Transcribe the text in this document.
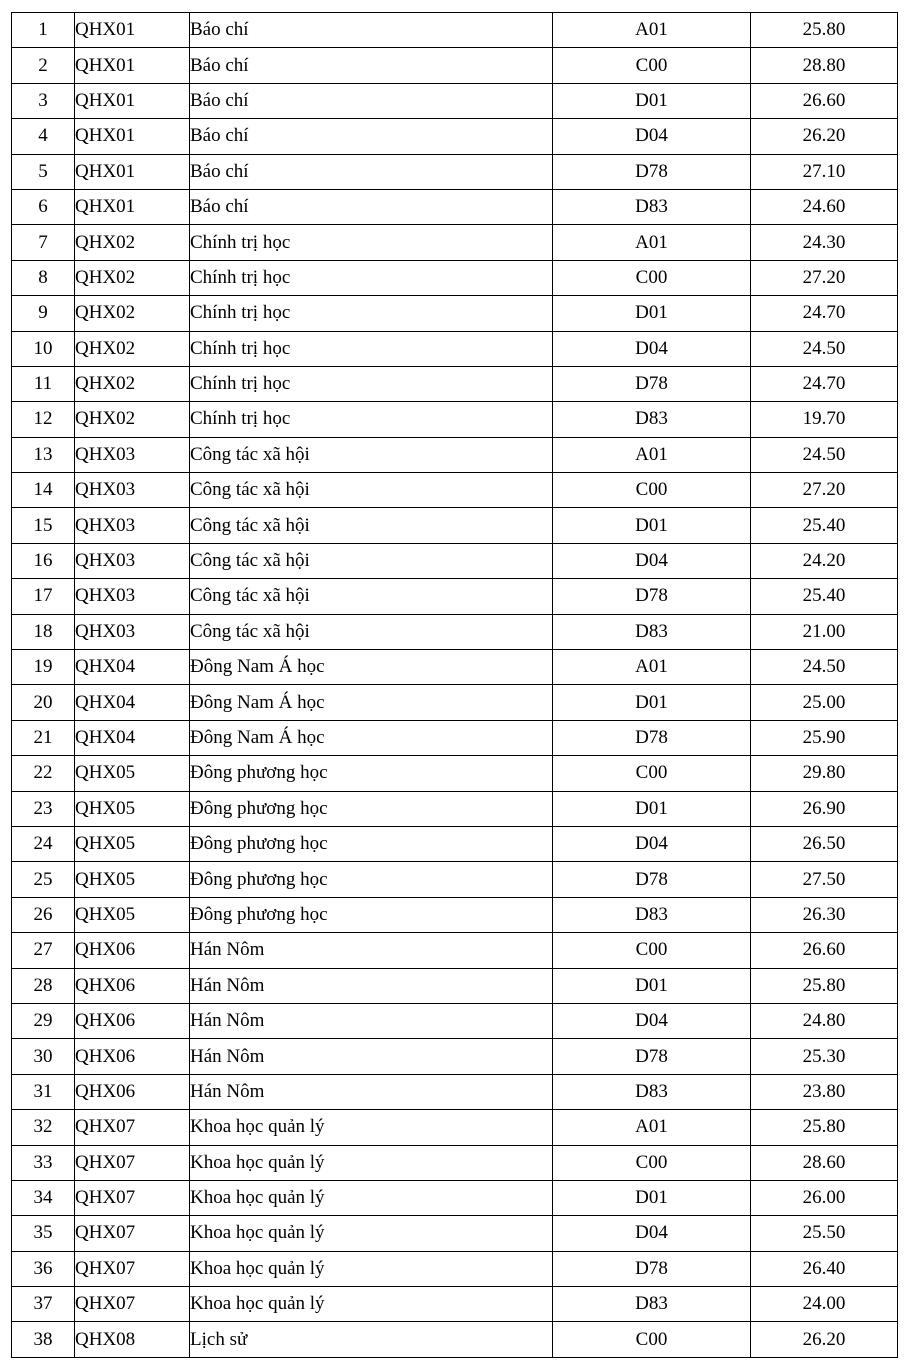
1	QHX01	Báo chí	A01	25.80
2	QHX01	Báo chí	C00	28.80
3	QHX01	Báo chí	D01	26.60
4	QHX01	Báo chí	D04	26.20
5	QHX01	Báo chí	D78	27.10
6	QHX01	Báo chí	D83	24.60
7	QHX02	Chính trị học	A01	24.30
8	QHX02	Chính trị học	C00	27.20
9	QHX02	Chính trị học	D01	24.70
10	QHX02	Chính trị học	D04	24.50
11	QHX02	Chính trị học	D78	24.70
12	QHX02	Chính trị học	D83	19.70
13	QHX03	Công tác xã hội	A01	24.50
14	QHX03	Công tác xã hội	C00	27.20
15	QHX03	Công tác xã hội	D01	25.40
16	QHX03	Công tác xã hội	D04	24.20
17	QHX03	Công tác xã hội	D78	25.40
18	QHX03	Công tác xã hội	D83	21.00
19	QHX04	Đông Nam Á học	A01	24.50
20	QHX04	Đông Nam Á học	D01	25.00
21	QHX04	Đông Nam Á học	D78	25.90
22	QHX05	Đông phương học	C00	29.80
23	QHX05	Đông phương học	D01	26.90
24	QHX05	Đông phương học	D04	26.50
25	QHX05	Đông phương học	D78	27.50
26	QHX05	Đông phương học	D83	26.30
27	QHX06	Hán Nôm	C00	26.60
28	QHX06	Hán Nôm	D01	25.80
29	QHX06	Hán Nôm	D04	24.80
30	QHX06	Hán Nôm	D78	25.30
31	QHX06	Hán Nôm	D83	23.80
32	QHX07	Khoa học quản lý	A01	25.80
33	QHX07	Khoa học quản lý	C00	28.60
34	QHX07	Khoa học quản lý	D01	26.00
35	QHX07	Khoa học quản lý	D04	25.50
36	QHX07	Khoa học quản lý	D78	26.40
37	QHX07	Khoa học quản lý	D83	24.00
38	QHX08	Lịch sử	C00	26.20
